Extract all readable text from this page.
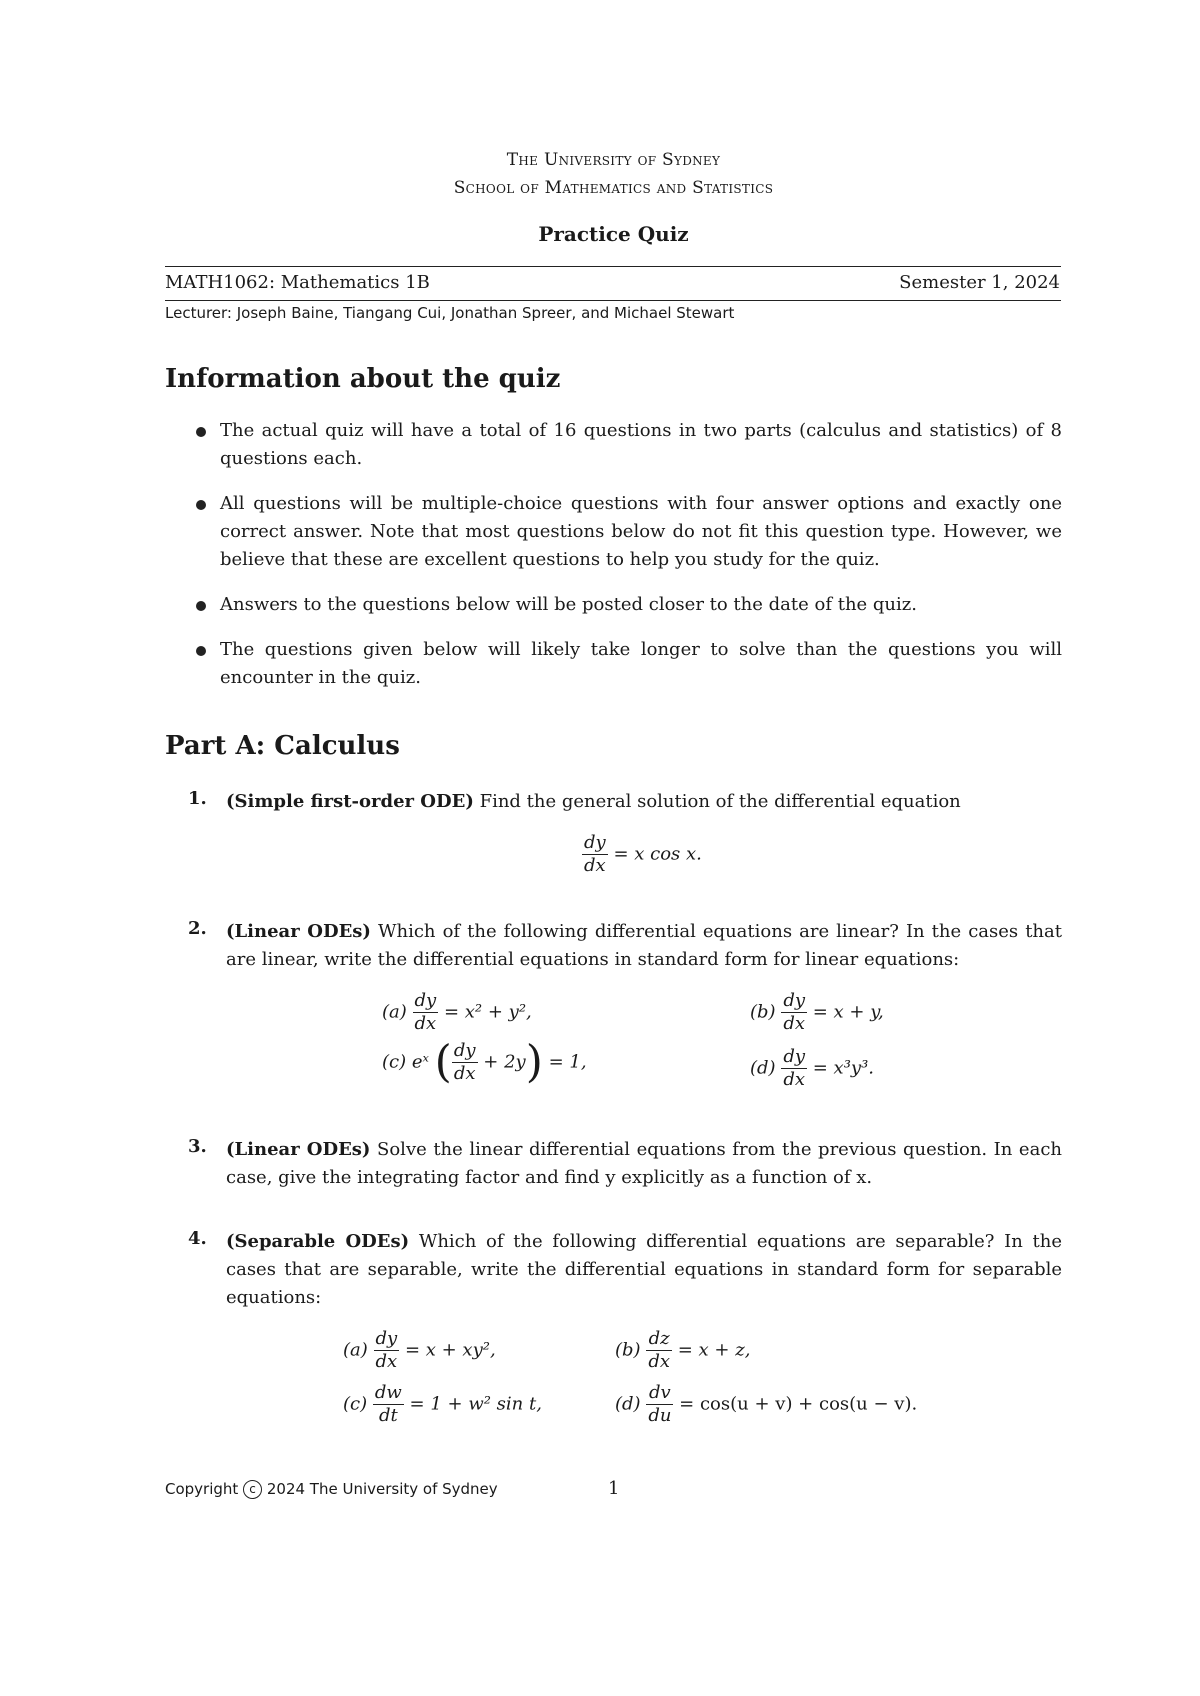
The University of Sydney
School of Mathematics and Statistics
Practice Quiz
MATH1062: Mathematics 1B	Semester 1, 2024
Lecturer: Joseph Baine, Tiangang Cui, Jonathan Spreer, and Michael Stewart
Information about the quiz
The actual quiz will have a total of 16 questions in two parts (calculus and statistics) of 8 questions each.
All questions will be multiple-choice questions with four answer options and exactly one correct answer. Note that most questions below do not fit this question type. However, we believe that these are excellent questions to help you study for the quiz.
Answers to the questions below will be posted closer to the date of the quiz.
The questions given below will likely take longer to solve than the questions you will encounter in the quiz.
Part A: Calculus
1. (Simple first-order ODE) Find the general solution of the differential equation
$\frac{dy}{dx} = x$ cos x.
2. (Linear ODEs) Which of the following differential equations are linear? In the cases that are linear, write the differential equations in standard form for linear equations:
$(a) \frac{dy}{dx} = x^2 + y^2$,	$(b) \frac{dy}{dx} = x + y$,
(c) eˣ ( $\frac{dy}{dx} + 2y) = 1$,	$(d) \frac{dy}{dx} = x^3y^3$.
3. (Linear ODEs) Solve the linear differential equations from the previous question. In each case, give the integrating factor and find y explicitly as a function of x.
4. (Separable ODEs) Which of the following differential equations are separable? In the cases that are separable, write the differential equations in standard form for separable equations:
$(a) \frac{dy}{dx} = x + xy^2$,	$(b) \frac{dz}{dx} = x + z$,
$(c) \frac{dw}{dt} = 1 + w^2$ sin t,	$(d) \frac{dv}{du} = \cos(u + v) + \cos(u - v)$.
Copyright c 2024 The University of Sydney	1
